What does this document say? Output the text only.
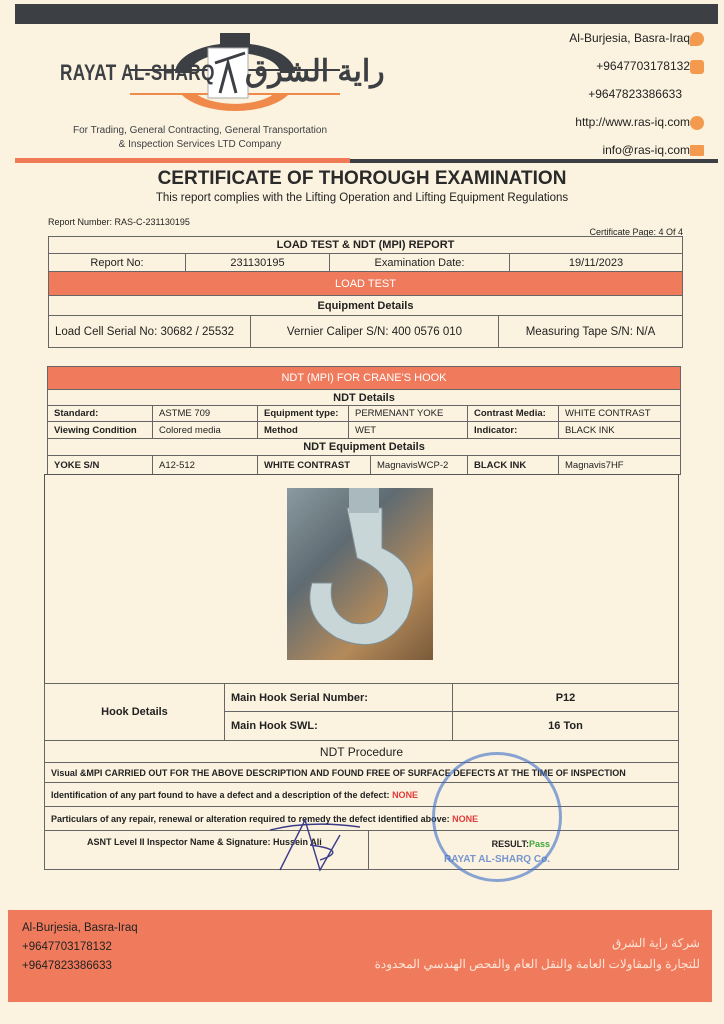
RAYAT AL-SHARQ راية الشرق
For Trading, General Contracting, General Transportation
& Inspection Services LTD Company
Al-Burjesia, Basra-Iraq
+9647703178132
+9647823386633
http://www.ras-iq.com
info@ras-iq.com
CERTIFICATE OF THOROUGH EXAMINATION
This report complies with the Lifting Operation and Lifting Equipment Regulations
Report Number: RAS-C-231130195
Certificate Page: 4 Of 4
LOAD TEST & NDT (MPI) REPORT
Report No:	231130195	Examination Date:	19/11/2023
LOAD TEST
Equipment Details
Load Cell Serial No: 30682 / 25532	Vernier Caliper S/N: 400 0576 010	Measuring Tape S/N: N/A
NDT (MPI) FOR CRANE'S HOOK
NDT Details
Standard:	ASTME 709	Equipment type:	PERMENANT YOKE	Contrast Media:	WHITE CONTRAST
Viewing Condition	Colored media	Method	WET	Indicator:	BLACK INK
NDT Equipment Details
YOKE S/N	A12-512	WHITE CONTRAST	MagnavisWCP-2	BLACK INK	Magnavis7HF
Hook Details
Main Hook Serial Number:	P12
Main Hook SWL:	16 Ton
NDT Procedure
Visual &MPI CARRIED OUT FOR THE ABOVE DESCRIPTION AND FOUND FREE OF SURFACE DEFECTS AT THE TIME OF INSPECTION
Identification of any part found to have a defect and a description of the defect:
NONE
Particulars of any repair, renewal or alteration required to remedy the defect identified above:
NONE
ASNT Level II Inspector Name & Signature: Hussein Ali	RESULT: Pass
RAYAT AL-SHARQ Co.
Al-Burjesia, Basra-Iraq
+9647703178132
+9647823386633
شركة راية الشرق
للتجارة والمقاولات العامة والنقل العام والفحص الهندسي المحدودة
